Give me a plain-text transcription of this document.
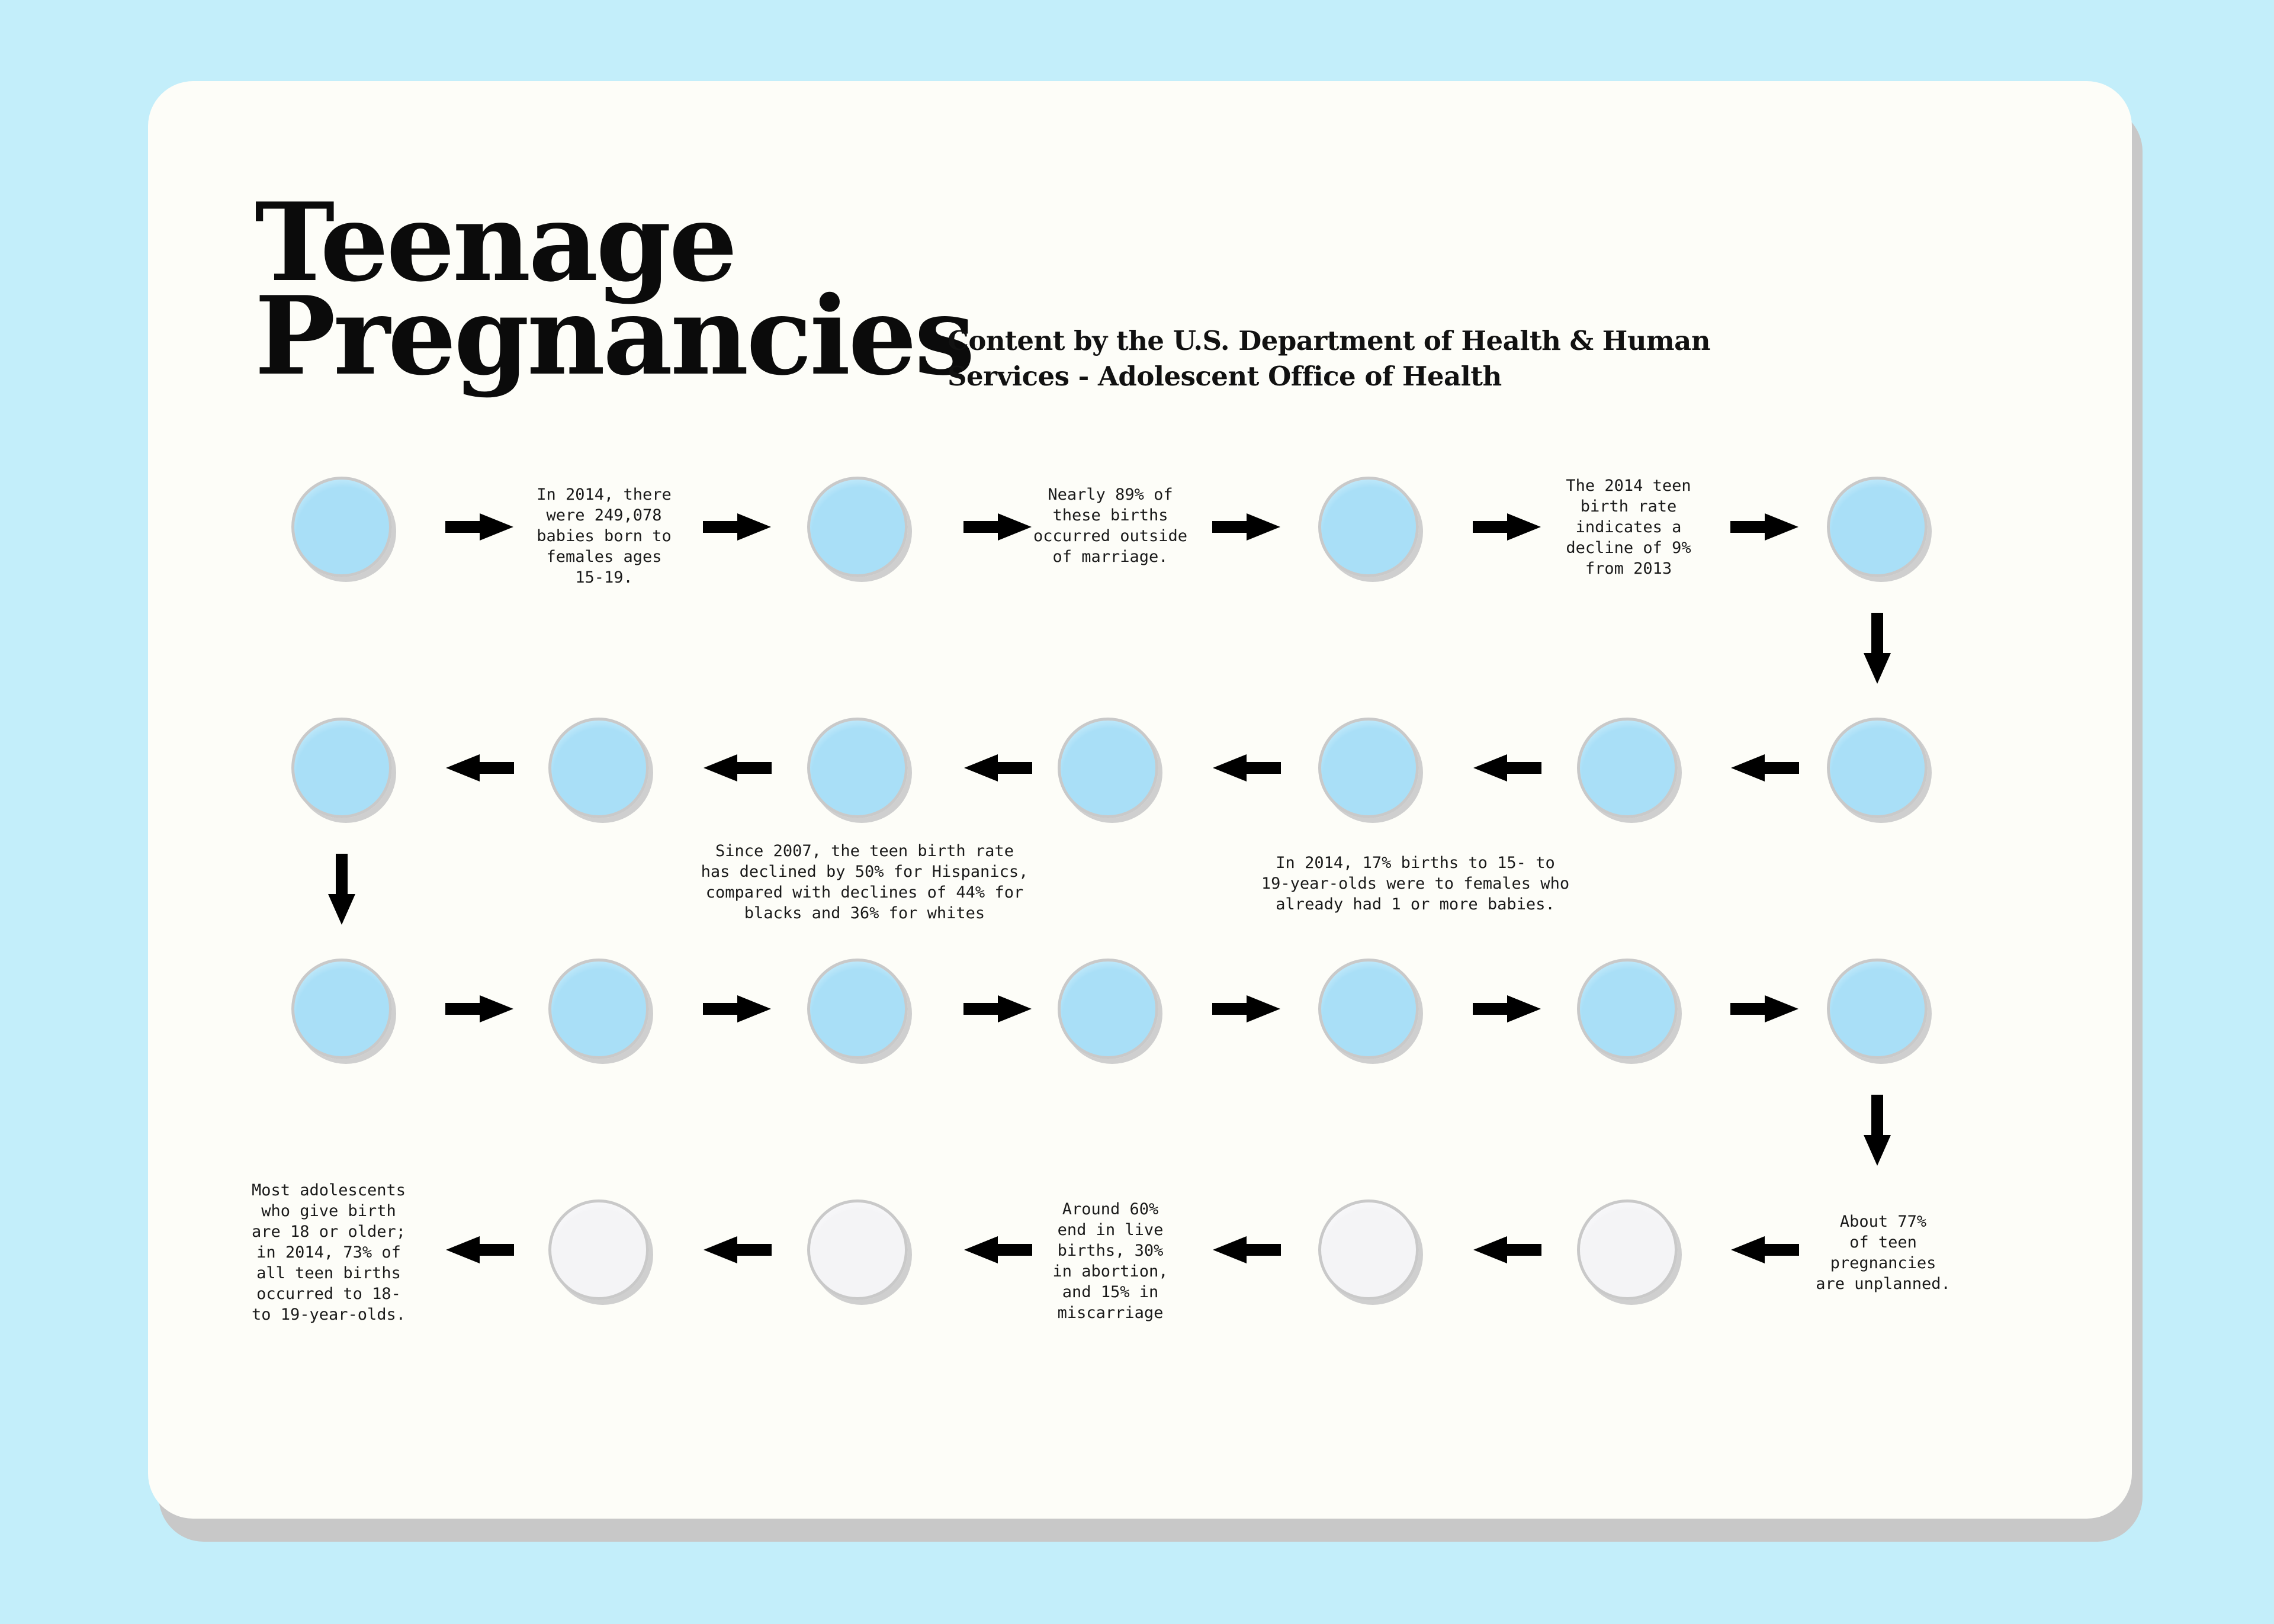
Teenage
Pregnancies

Content by the U.S. Department of Health & Human
Services - Adolescent Office of Health

In 2014, there
were 249,078
babies born to
females ages
15-19.

Nearly 89% of
these births
occurred outside
of marriage.

The 2014 teen
birth rate
indicates a
decline of 9%
from 2013

Since 2007, the teen birth rate
has declined by 50% for Hispanics,
compared with declines of 44% for
blacks and 36% for whites

In 2014, 17% births to 15- to
19-year-olds were to females who
already had 1 or more babies.

About 77%
of teen
pregnancies
are unplanned.

Around 60%
end in live
births, 30%
in abortion,
and 15% in
miscarriage

Most adolescents
who give birth
are 18 or older;
in 2014, 73% of
all teen births
occurred to 18-
to 19-year-olds.
